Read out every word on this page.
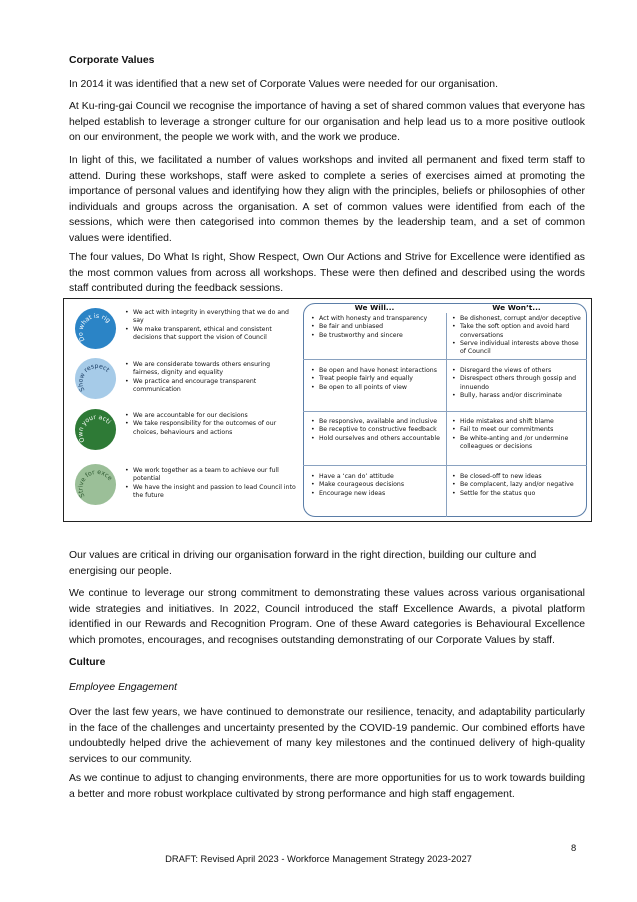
Corporate Values

In 2014 it was identified that a new set of Corporate Values were needed for our organisation.

At Ku-ring-gai Council we recognise the importance of having a set of shared common values that everyone has helped establish to leverage a stronger culture for our organisation and help lead us to a more positive outlook on our environment, the people we work with, and the work we produce.

In light of this, we facilitated a number of values workshops and invited all permanent and fixed term staff to attend. During these workshops, staff were asked to complete a series of exercises aimed at promoting the importance of personal values and identifying how they align with the principles, beliefs or philosophies of other individuals and groups across the organisation. A set of common values were identified from each of the sessions, which were then categorised into common themes by the leadership team, and a set of common values were identified.

The four values, Do What Is right, Show Respect, Own Our Actions and Strive for Excellence were identified as the most common values from across all workshops. These were then defined and described using the words staff contributed during the feedback sessions.

We Will...	We Won’t...
Do what is rig
• We act with integrity in everything that we do and say
• We make transparent, ethical and consistent decisions that support the vision of Council
• Act with honesty and transparency
• Be fair and unbiased
• Be trustworthy and sincere
• Be dishonest, corrupt and/or deceptive
• Take the soft option and avoid hard conversations
• Serve individual interests above those of Council
Show respect
• We are considerate towards others ensuring fairness, dignity and equality
• We practice and encourage transparent communication
• Be open and have honest interactions
• Treat people fairly and equally
• Be open to all points of view
• Disregard the views of others
• Disrespect others through gossip and innuendo
• Bully, harass and/or discriminate
Own your acti
• We are accountable for our decisions
• We take responsibility for the outcomes of our choices, behaviours and actions
• Be responsive, available and inclusive
• Be receptive to constructive feedback
• Hold ourselves and others accountable
• Hide mistakes and shift blame
• Fail to meet our commitments
• Be white-anting and /or undermine colleagues or decisions
Strive for exce
• We work together as a team to achieve our full potential
• We have the insight and passion to lead Council into the future
• Have a ‘can do’ attitude
• Make courageous decisions
• Encourage new ideas
• Be closed-off to new ideas
• Be complacent, lazy and/or negative
• Settle for the status quo

Our values are critical in driving our organisation forward in the right direction, building our culture and energising our people.

We continue to leverage our strong commitment to demonstrating these values across various organisational wide strategies and initiatives. In 2022, Council introduced the staff Excellence Awards, a pivotal platform identified in our Rewards and Recognition Program. One of these Award categories is Behavioural Excellence which promotes, encourages, and recognises outstanding demonstrating of our Corporate Values by staff.

Culture

Employee Engagement

Over the last few years, we have continued to demonstrate our resilience, tenacity, and adaptability particularly in the face of the challenges and uncertainty presented by the COVID-19 pandemic. Our combined efforts have undoubtedly helped drive the achievement of many key milestones and the continued delivery of high-quality services to our community.

As we continue to adjust to changing environments, there are more opportunities for us to work towards building a better and more robust workplace cultivated by strong performance and high staff engagement.

8
DRAFT: Revised April 2023 - Workforce Management Strategy 2023-2027
